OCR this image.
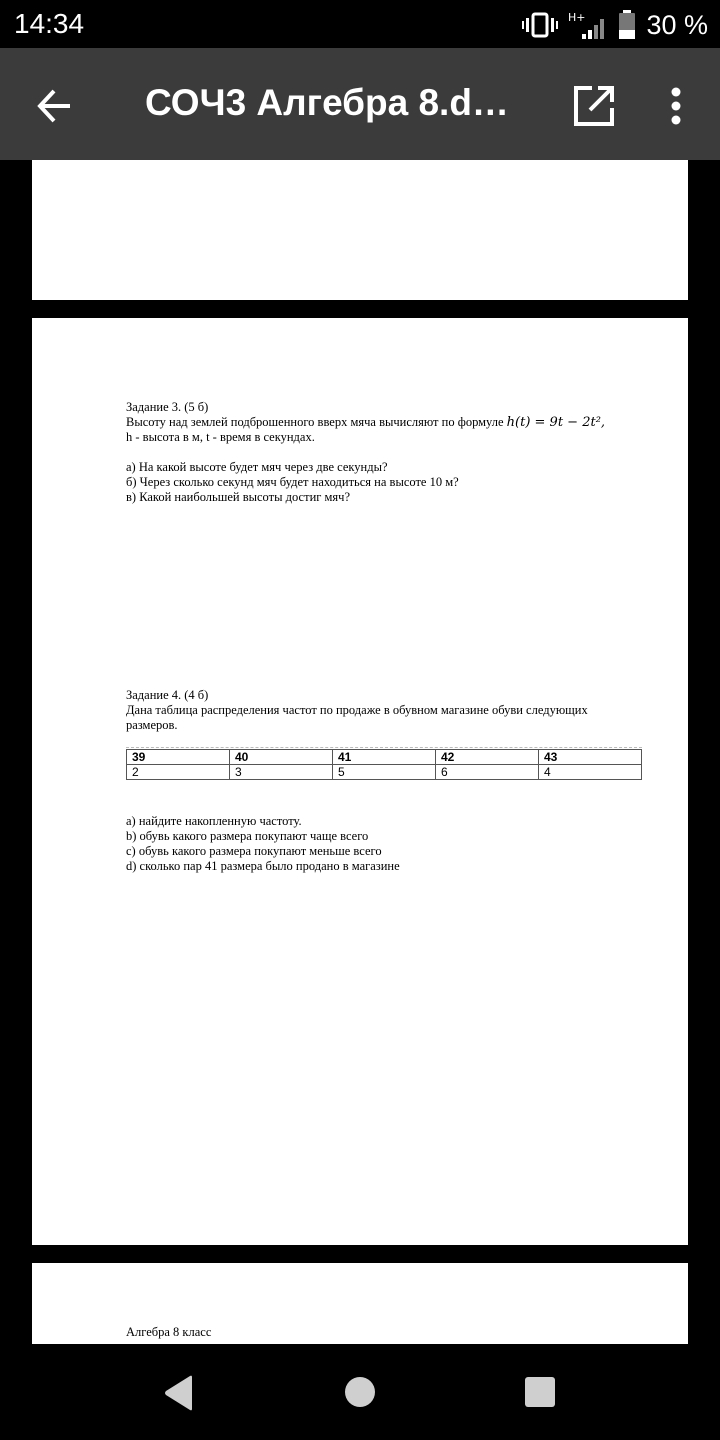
14:34	H+ 30 %
СОЧ3 Алгебра 8.d…

Задание 3. (5 б)

Высоту над землей подброшенного вверх мяча вычисляют по формуле h(t) = 9t − 2t²,

h - высота в м, t - время в секундах.

а) На какой высоте будет мяч через две секунды?

б) Через сколько секунд мяч будет находиться на высоте 10 м?

в) Какой наибольшей высоты достиг мяч?

Задание 4. (4 б)

Дана таблица распределения частот по продаже в обувном магазине обуви следующих

размеров.

39	40	41	42	43
2	3	5	6	4

a) найдите накопленную частоту.

b) обувь какого размера покупают чаще всего

c) обувь какого размера покупают меньше всего

d) сколько пар 41 размера было продано в магазине

Алгебра 8 класс
